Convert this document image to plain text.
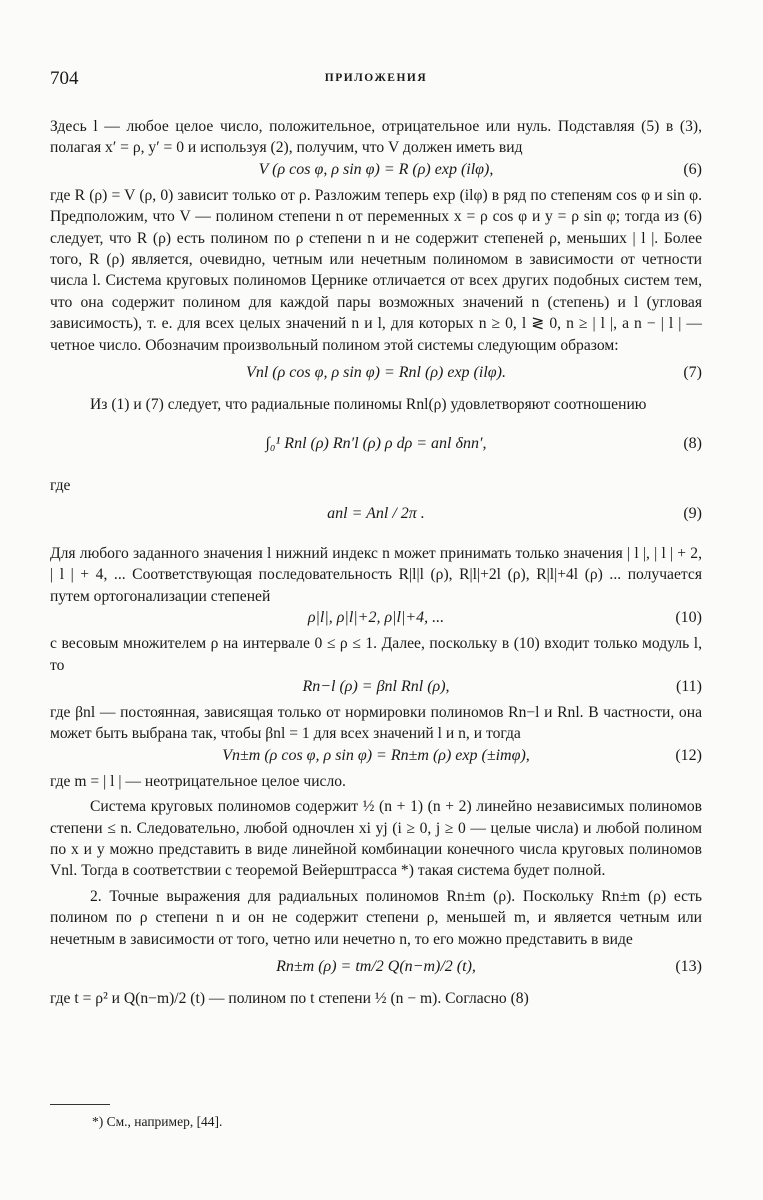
704	ПРИЛОЖЕНИЯ

Здесь l — любое целое число, положительное, отрицательное или нуль. Подставляя (5) в (3), полагая x′ = ρ, y′ = 0 и используя (2), получим, что V должен иметь вид

V (ρ cos φ, ρ sin φ) = R (ρ) exp (ilφ),	(6)

где R (ρ) = V (ρ, 0) зависит только от ρ. Разложим теперь exp (ilφ) в ряд по степеням cos φ и sin φ. Предположим, что V — полином степени n от переменных x = ρ cos φ и y = ρ sin φ; тогда из (6) следует, что R (ρ) есть полином по ρ степени n и не содержит степеней ρ, меньших | l |. Более того, R (ρ) является, очевидно, четным или нечетным полиномом в зависимости от четности числа l. Система круговых полиномов Цернике отличается от всех других подобных систем тем, что она содержит полином для каждой пары возможных значений n (степень) и l (угловая зависимость), т. е. для всех целых значений n и l, для которых n ≥ 0, l ≷ 0, n ≥ | l |, а n − | l | — четное число. Обозначим произвольный полином этой системы следующим образом:

Vnl (ρ cos φ, ρ sin φ) = Rnl (ρ) exp (ilφ).	(7)

Из (1) и (7) следует, что радиальные полиномы Rnl(ρ) удовлетворяют соотношению

∫₀¹ Rnl (ρ) Rn′l (ρ) ρ dρ = anl δnn′,	(8)

где

anl = Anl / 2π .	(9)

Для любого заданного значения l нижний индекс n может принимать только значения | l |, | l | + 2, | l | + 4, ... Соответствующая последовательность R|l|l (ρ), R|l|+2l (ρ), R|l|+4l (ρ) ... получается путем ортогонализации степеней

ρ|l|, ρ|l|+2, ρ|l|+4, ...	(10)

с весовым множителем ρ на интервале 0 ≤ ρ ≤ 1. Далее, поскольку в (10) входит только модуль l, то

Rn−l (ρ) = βnl Rnl (ρ),	(11)

где βnl — постоянная, зависящая только от нормировки полиномов Rn−l и Rnl. В частности, она может быть выбрана так, чтобы βnl = 1 для всех значений l и n, и тогда

Vn±m (ρ cos φ, ρ sin φ) = Rn±m (ρ) exp (±imφ),	(12)

где m = | l | — неотрицательное целое число.

Система круговых полиномов содержит ½ (n + 1) (n + 2) линейно независимых полиномов степени ≤ n. Следовательно, любой одночлен xi yj (i ≥ 0, j ≥ 0 — целые числа) и любой полином по x и y можно представить в виде линейной комбинации конечного числа круговых полиномов Vnl. Тогда в соответствии с теоремой Вейерштрасса *) такая система будет полной.

2. Точные выражения для радиальных полиномов Rn±m (ρ). Поскольку Rn±m (ρ) есть полином по ρ степени n и он не содержит степени ρ, меньшей m, и является четным или нечетным в зависимости от того, четно или нечетно n, то его можно представить в виде

Rn±m (ρ) = tm/2 Q(n−m)/2 (t),	(13)

где t = ρ² и Q(n−m)/2 (t) — полином по t степени ½ (n − m). Согласно (8)

*) См., например, [44].
